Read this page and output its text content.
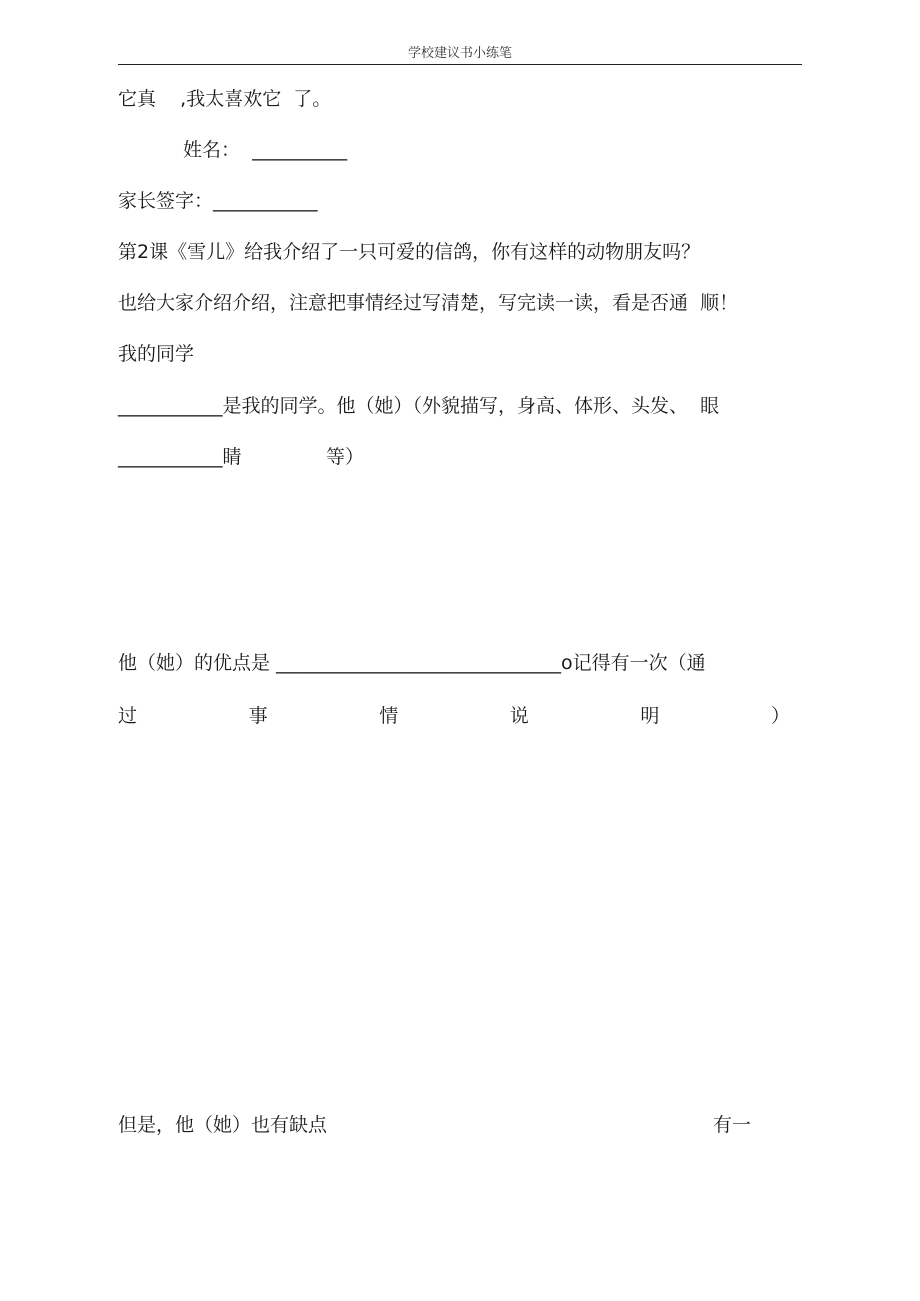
学校建议书小练笔
它真    ,我太喜欢它  了。
姓名：  __________
家长签字：___________
第2课《雪儿》给我介绍了一只可爱的信鸽，你有这样的动物朋友吗？
也给大家介绍介绍，注意把事情经过写清楚，写完读一读，看是否通  顺！
我的同学
___________是我的同学。他（她）（外貌描写，身高、体形、头发、  眼
___________睛              等）
他（她）的优点是 ______________________________o记得有一次（通
过	事	情	说	明	）
但是，他（她）也有缺点	有一
